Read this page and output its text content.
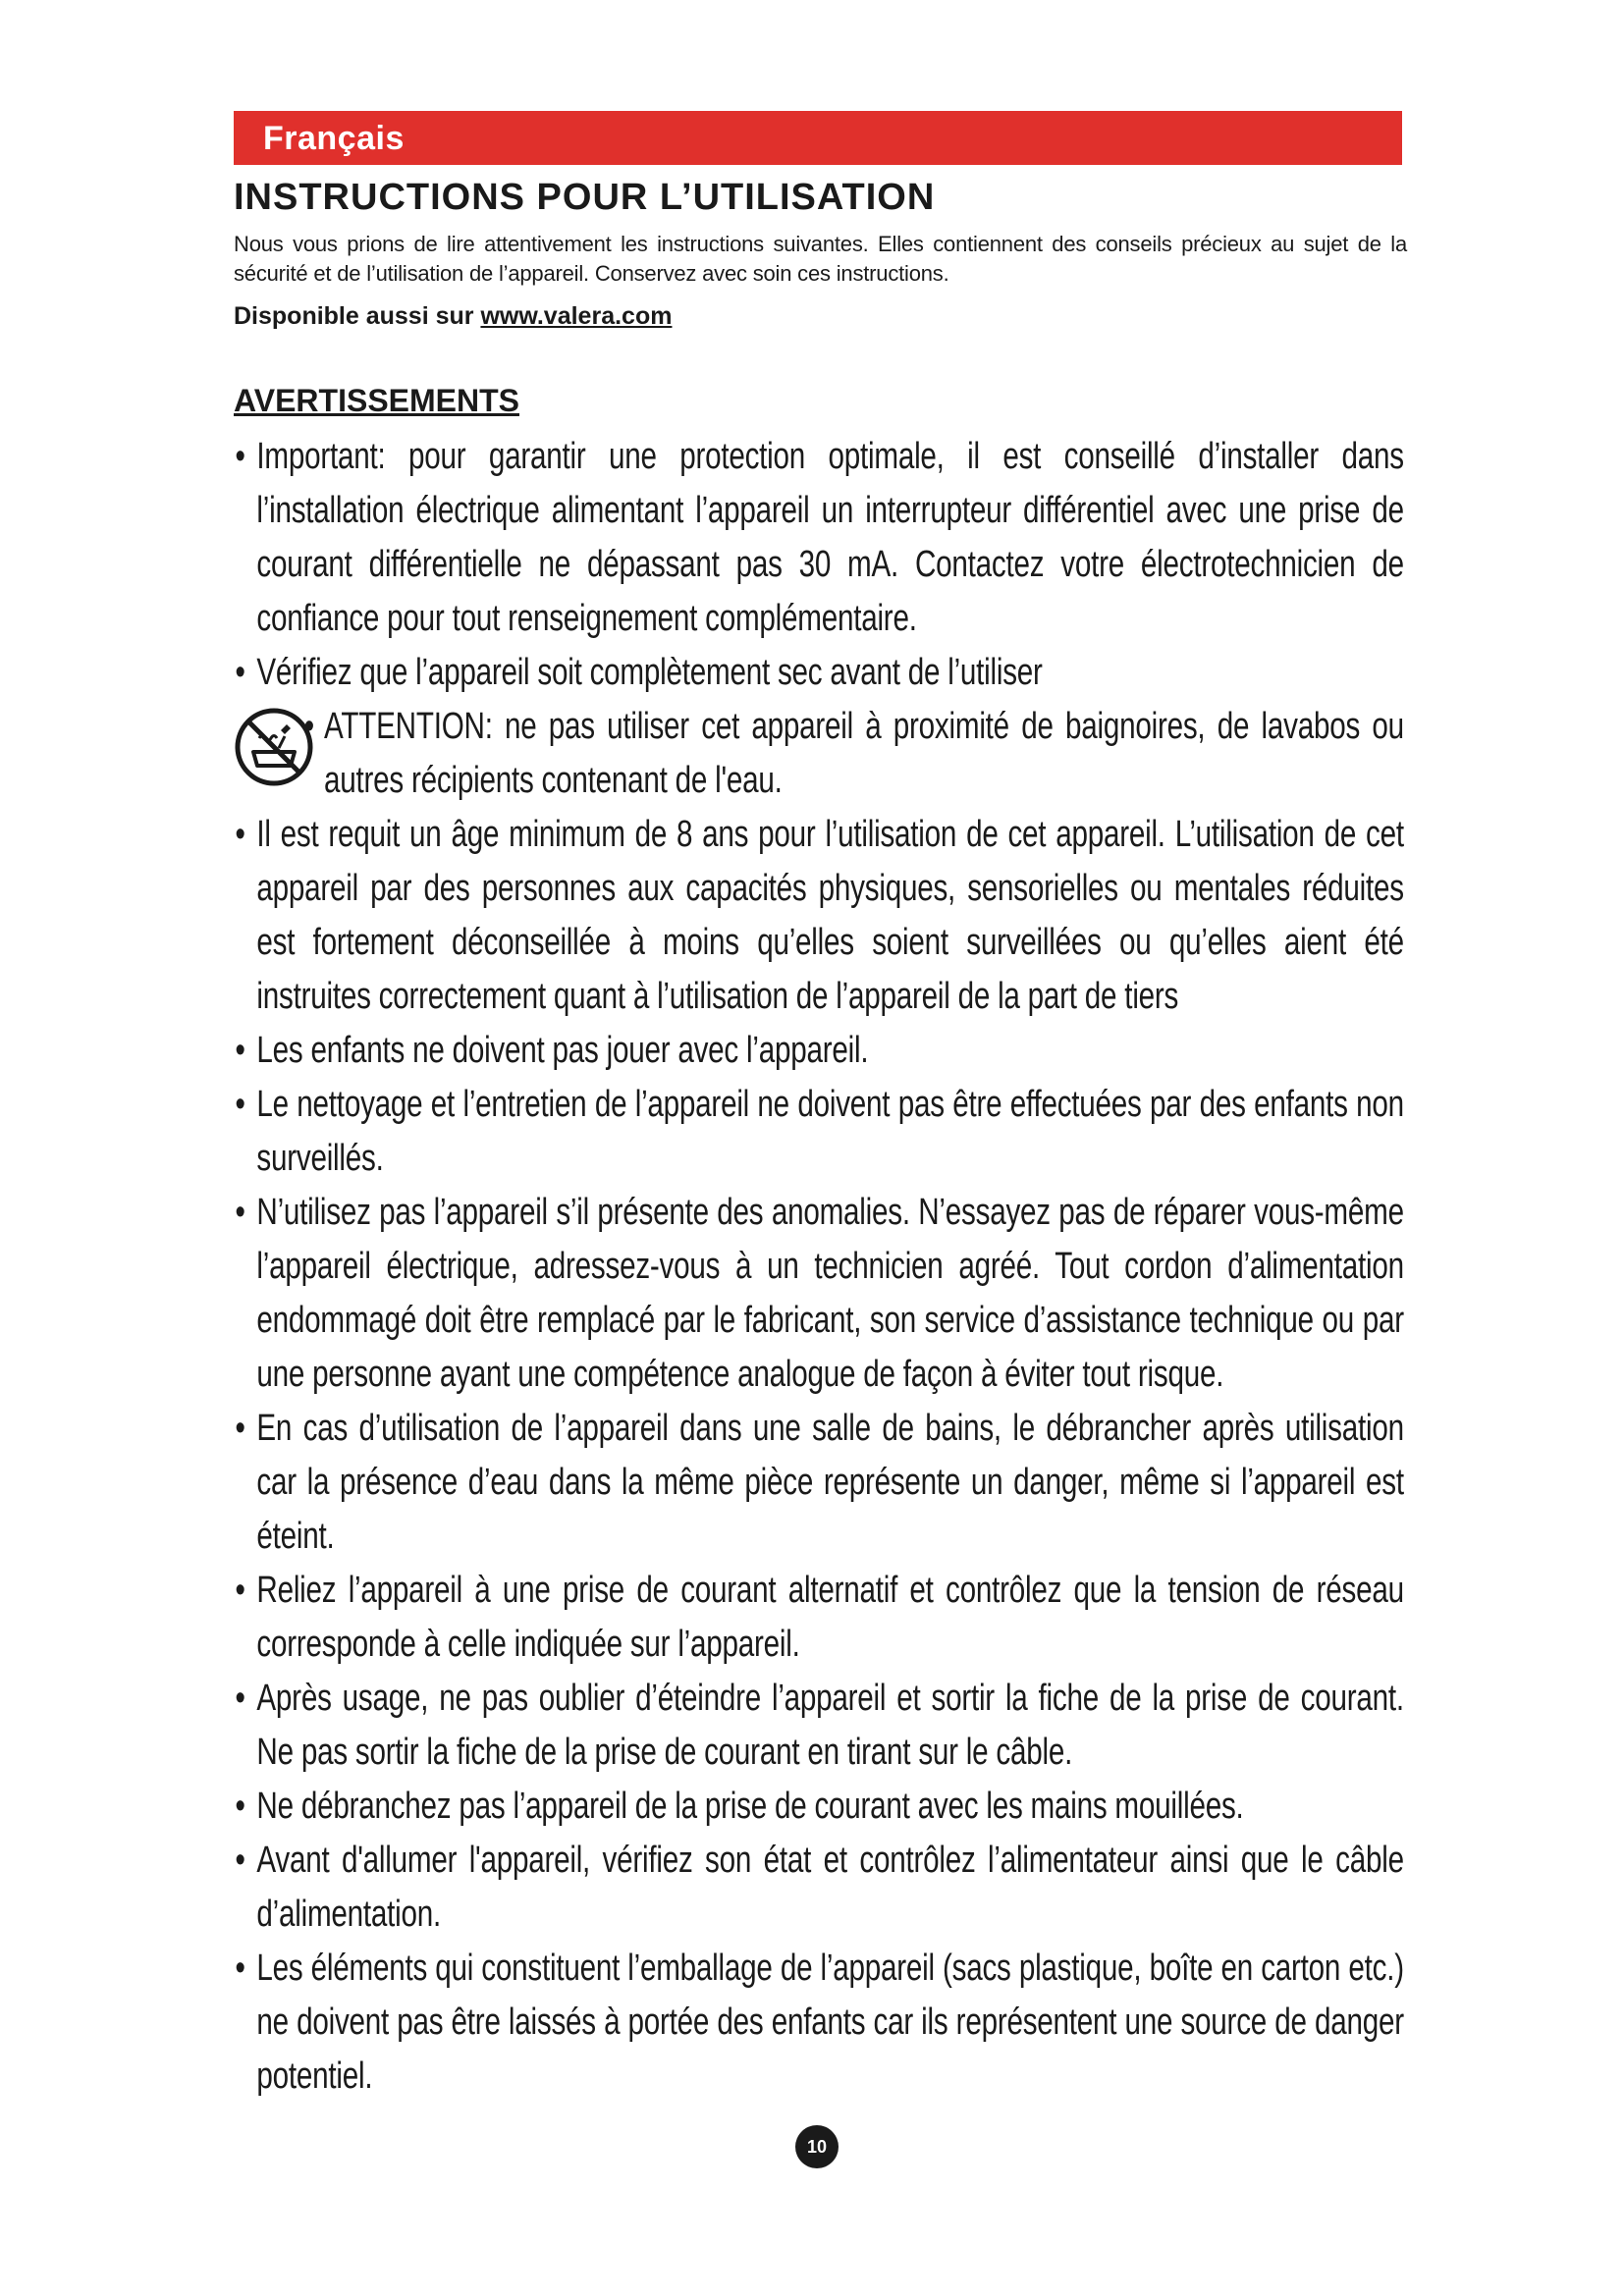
Français
INSTRUCTIONS POUR L’UTILISATION

Nous vous prions de lire attentivement les instructions suivantes. Elles contiennent des conseils précieux au sujet de la sécurité et de l’utilisation de l’appareil. Conservez avec soin ces instructions.

Disponible aussi sur www.valera.com

AVERTISSEMENTS
• Important: pour garantir une protection optimale, il est conseillé d’installer dans l’installation électrique alimentant l’appareil un interrupteur différentiel avec une prise de courant différentielle ne dépassant pas 30 mA. Contactez votre électrotechnicien de confiance pour tout renseignement complémentaire.
• Vérifiez que l’appareil soit complètement sec avant de l’utiliser
• ATTENTION: ne pas utiliser cet appareil à proximité de baignoires, de lavabos ou autres récipients contenant de l'eau.
• Il est requit un âge minimum de 8 ans pour l’utilisation de cet appareil. L’utilisation de cet appareil par des personnes aux capacités physiques, sensorielles ou mentales réduites est fortement déconseillée à moins qu’elles soient surveillées ou qu’elles aient été instruites correctement quant à l’utilisation de l’appareil de la part de tiers
• Les enfants ne doivent pas jouer avec l’appareil.
• Le nettoyage et l’entretien de l’appareil ne doivent pas être effectuées par des enfants non surveillés.
• N’utilisez pas l’appareil s’il présente des anomalies. N’essayez pas de réparer vous-même l’appareil électrique, adressez-vous à un technicien agréé. Tout cordon d’alimentation endommagé doit être remplacé par le fabricant, son service d’assistance technique ou par une personne ayant une compétence analogue de façon à éviter tout risque.
• En cas d’utilisation de l’appareil dans une salle de bains, le débrancher après utilisation car la présence d’eau dans la même pièce représente un danger, même si l’appareil est éteint.
• Reliez l’appareil à une prise de courant alternatif et contrôlez que la tension de réseau corresponde à celle indiquée sur l’appareil.
• Après usage, ne pas oublier d’éteindre l’appareil et sortir la fiche de la prise de courant. Ne pas sortir la fiche de la prise de courant en tirant sur le câble.
• Ne débranchez pas l’appareil de la prise de courant avec les mains mouillées.
• Avant d'allumer l'appareil, vérifiez son état et contrôlez l’alimentateur ainsi que le câble d’alimentation.
• Les éléments qui constituent l’emballage de l’appareil (sacs plastique, boîte en carton etc.) ne doivent pas être laissés à portée des enfants car ils représentent une source de danger potentiel.
10
